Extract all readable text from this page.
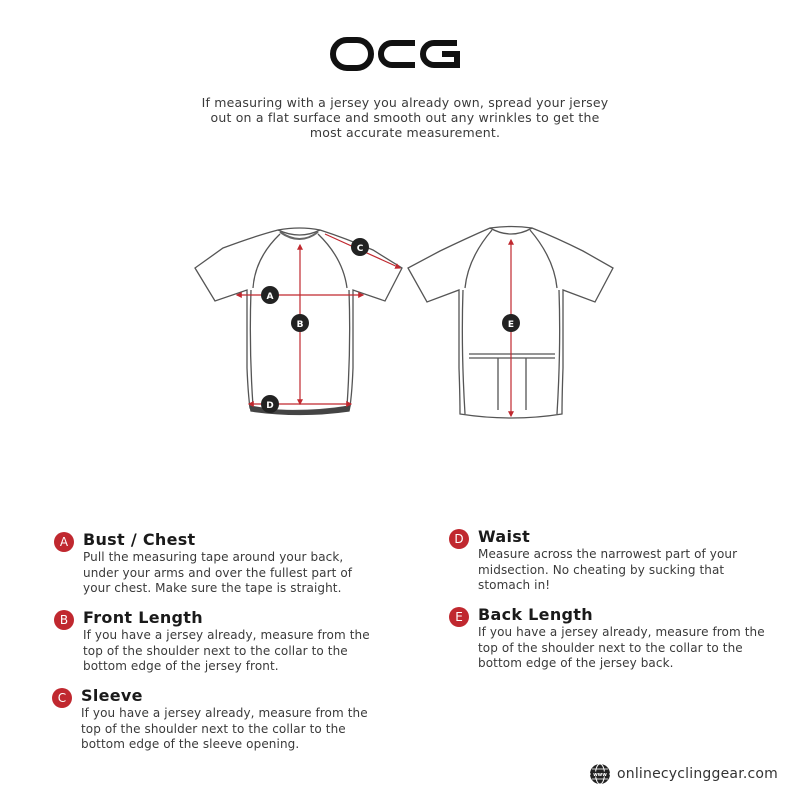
If measuring with a jersey you already own, spread your jersey out on a flat surface and smooth out any wrinkles to get the most accurate measurement.
A
B
C
D
E
A Bust / Chest
Pull the measuring tape around your back, under your arms and over the fullest part of your chest. Make sure the tape is straight.
B Front Length
If you have a jersey already, measure from the top of the shoulder next to the collar to the bottom edge of the jersey front.
C Sleeve
If you have a jersey already, measure from the top of the shoulder next to the collar to the bottom edge of the sleeve opening.
D Waist
Measure across the narrowest part of your midsection. No cheating by sucking that stomach in!
E Back Length
If you have a jersey already, measure from the top of the shoulder next to the collar to the bottom edge of the jersey back.
www onlinecyclinggear.com
